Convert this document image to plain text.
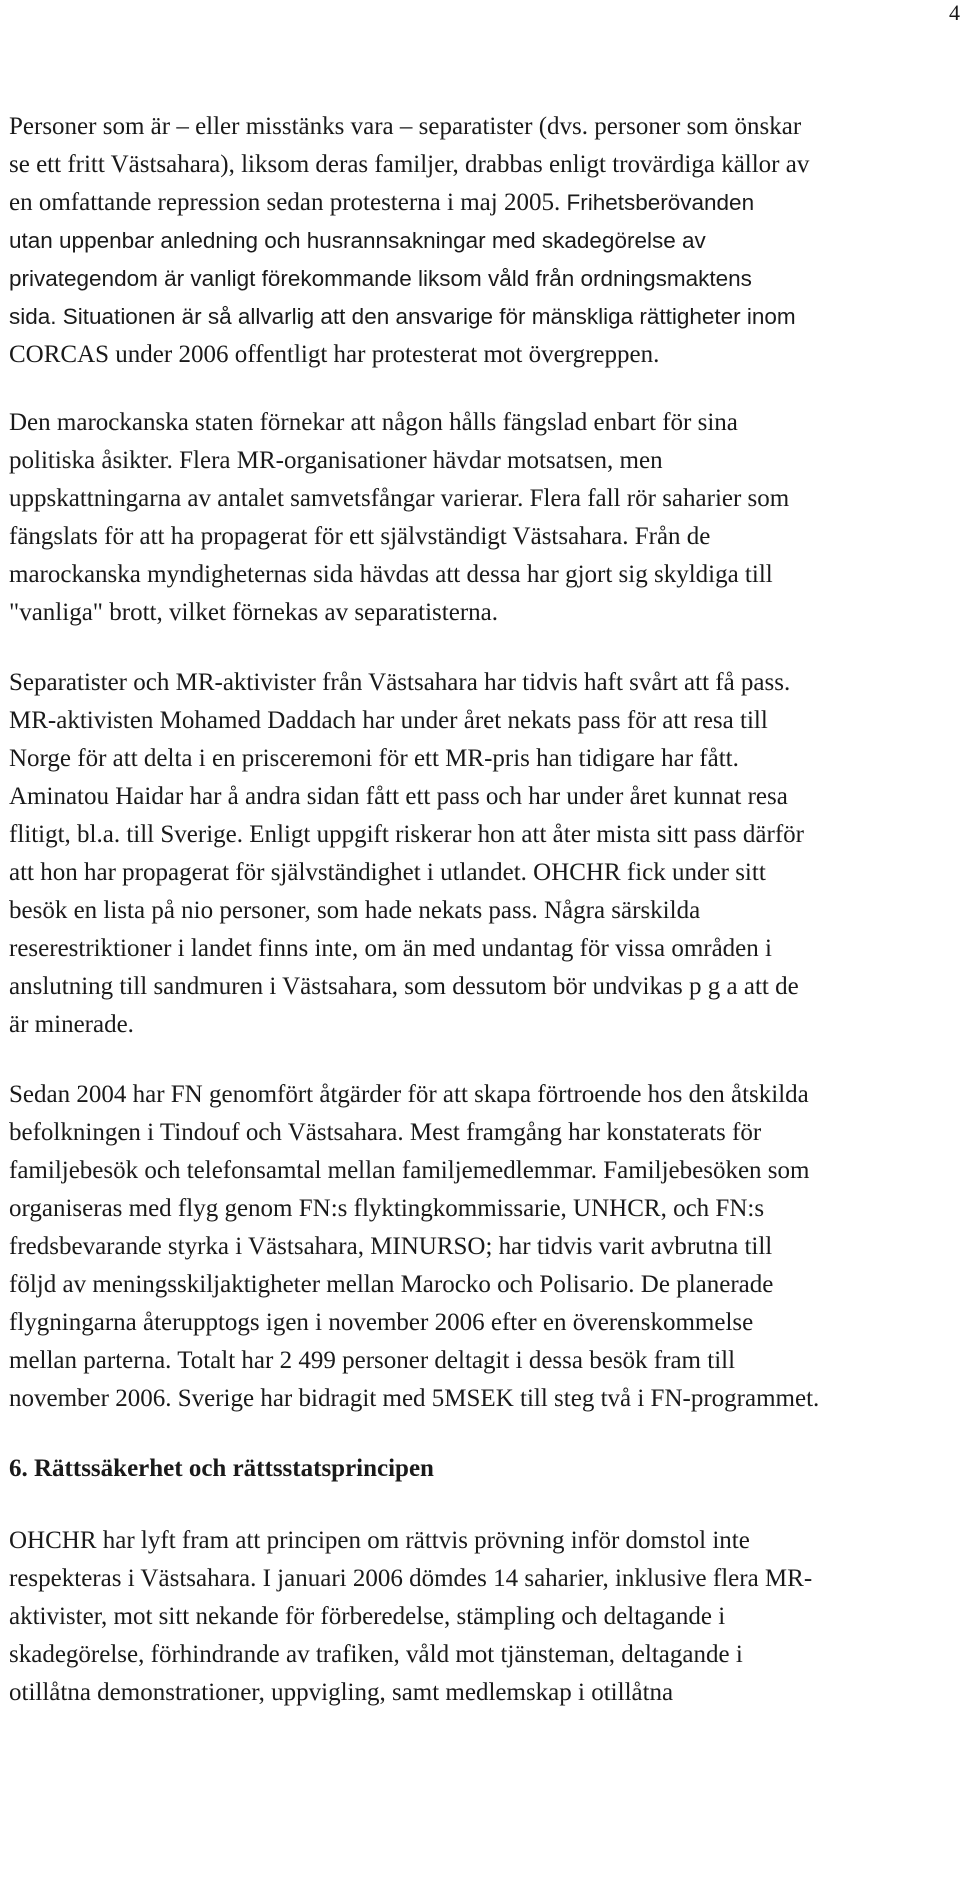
4
Personer som är – eller misstänks vara – separatister (dvs. personer som önskar
se ett fritt Västsahara), liksom deras familjer, drabbas enligt trovärdiga källor av
en omfattande repression sedan protesterna i maj 2005. Frihetsberövanden
utan uppenbar anledning och husrannsakningar med skadegörelse av
privategendom är vanligt förekommande liksom våld från ordningsmaktens
sida. Situationen är så allvarlig att den ansvarige för mänskliga rättigheter inom
CORCAS under 2006 offentligt har protesterat mot övergreppen.
Den marockanska staten förnekar att någon hålls fängslad enbart för sina
politiska åsikter. Flera MR-organisationer hävdar motsatsen, men
uppskattningarna av antalet samvetsfångar varierar. Flera fall rör saharier som
fängslats för att ha propagerat för ett självständigt Västsahara. Från de
marockanska myndigheternas sida hävdas att dessa har gjort sig skyldiga till
"vanliga" brott, vilket förnekas av separatisterna.
Separatister och MR-aktivister från Västsahara har tidvis haft svårt att få pass.
MR-aktivisten Mohamed Daddach har under året nekats pass för att resa till
Norge för att delta i en prisceremoni för ett MR-pris han tidigare har fått.
Aminatou Haidar har å andra sidan fått ett pass och har under året kunnat resa
flitigt, bl.a. till Sverige. Enligt uppgift riskerar hon att åter mista sitt pass därför
att hon har propagerat för självständighet i utlandet. OHCHR fick under sitt
besök en lista på nio personer, som hade nekats pass. Några särskilda
reserestriktioner i landet finns inte, om än med undantag för vissa områden i
anslutning till sandmuren i Västsahara, som dessutom bör undvikas p g a att de
är minerade.
Sedan 2004 har FN genomfört åtgärder för att skapa förtroende hos den åtskilda
befolkningen i Tindouf och Västsahara. Mest framgång har konstaterats för
familjebesök och telefonsamtal mellan familjemedlemmar. Familjebesöken som
organiseras med flyg genom FN:s flyktingkommissarie, UNHCR, och FN:s
fredsbevarande styrka i Västsahara, MINURSO; har tidvis varit avbrutna till
följd av meningsskiljaktigheter mellan Marocko och Polisario. De planerade
flygningarna återupptogs igen i november 2006 efter en överenskommelse
mellan parterna. Totalt har 2 499 personer deltagit i dessa besök fram till
november 2006. Sverige har bidragit med 5MSEK till steg två i FN-programmet.
6. Rättssäkerhet och rättsstatsprincipen
OHCHR har lyft fram att principen om rättvis prövning inför domstol inte
respekteras i Västsahara. I januari 2006 dömdes 14 saharier, inklusive flera MR-
aktivister, mot sitt nekande för förberedelse, stämpling och deltagande i
skadegörelse, förhindrande av trafiken, våld mot tjänsteman, deltagande i
otillåtna demonstrationer, uppvigling, samt medlemskap i otillåtna
